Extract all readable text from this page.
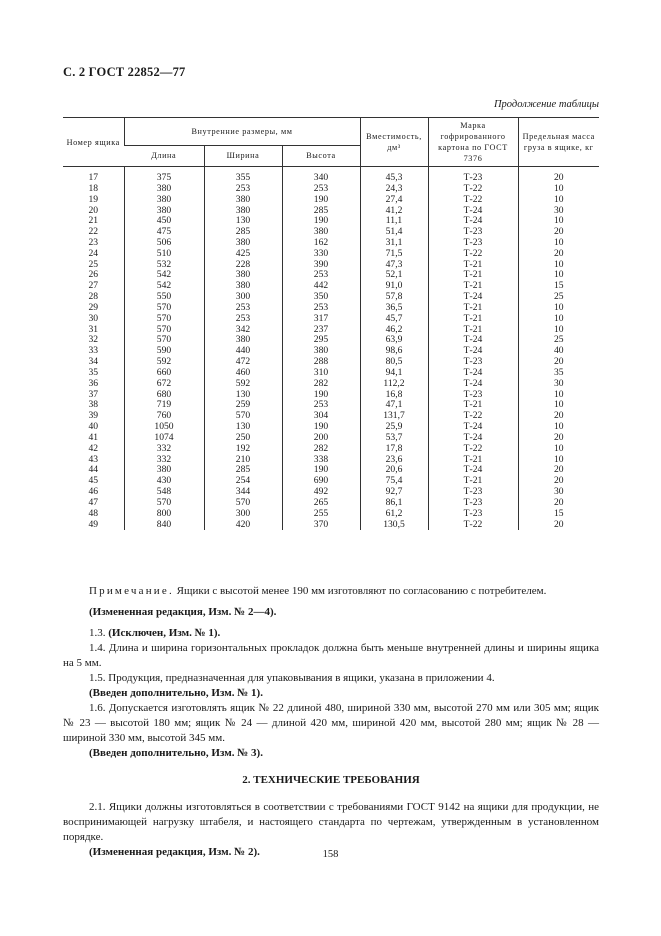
С. 2 ГОСТ 22852—77
Продолжение таблицы
Номер ящика	Внутренние размеры, мм			Вместимость, дм³	Марка гофрированного картона по ГОСТ 7376	Предельная масса груза в ящике, кг
	Длина	Ширина	Высота			
17	375	355	340	45,3	Т-23	20
18	380	253	253	24,3	Т-22	10
19	380	380	190	27,4	Т-22	10
20	380	380	285	41,2	Т-24	30
21	450	130	190	11,1	Т-24	10
22	475	285	380	51,4	Т-23	20
23	506	380	162	31,1	Т-23	10
24	510	425	330	71,5	Т-22	20
25	532	228	390	47,3	Т-21	10
26	542	380	253	52,1	Т-21	10
27	542	380	442	91,0	Т-21	15
28	550	300	350	57,8	Т-24	25
29	570	253	253	36,5	Т-21	10
30	570	253	317	45,7	Т-21	10
31	570	342	237	46,2	Т-21	10
32	570	380	295	63,9	Т-24	25
33	590	440	380	98,6	Т-24	40
34	592	472	288	80,5	Т-23	20
35	660	460	310	94,1	Т-24	35
36	672	592	282	112,2	Т-24	30
37	680	130	190	16,8	Т-23	10
38	719	259	253	47,1	Т-21	10
39	760	570	304	131,7	Т-22	20
40	1050	130	190	25,9	Т-24	10
41	1074	250	200	53,7	Т-24	20
42	332	192	282	17,8	Т-22	10
43	332	210	338	23,6	Т-21	10
44	380	285	190	20,6	Т-24	20
45	430	254	690	75,4	Т-21	20
46	548	344	492	92,7	Т-23	30
47	570	570	265	86,1	Т-23	20
48	800	300	255	61,2	Т-23	15
49	840	420	370	130,5	Т-22	20

Примечание. Ящики с высотой менее 190 мм изготовляют по согласованию с потребителем.

(Измененная редакция, Изм. № 2—4).

1.3. (Исключен, Изм. № 1).

1.4. Длина и ширина горизонтальных прокладок должна быть меньше внутренней длины и ширины ящика на 5 мм.

1.5. Продукция, предназначенная для упаковывания в ящики, указана в приложении 4.

(Введен дополнительно, Изм. № 1).

1.6. Допускается изготовлять ящик № 22 длиной 480, шириной 330 мм, высотой 270 мм или 305 мм; ящик № 23 — высотой 180 мм; ящик № 24 — длиной 420 мм, шириной 420 мм, высотой 280 мм; ящик № 28 — шириной 330 мм, высотой 345 мм.

(Введен дополнительно, Изм. № 3).

2. ТЕХНИЧЕСКИЕ ТРЕБОВАНИЯ

2.1. Ящики должны изготовляться в соответствии с требованиями ГОСТ 9142 на ящики для продукции, не воспринимающей нагрузку штабеля, и настоящего стандарта по чертежам, утвержденным в установленном порядке.

(Измененная редакция, Изм. № 2).	158
